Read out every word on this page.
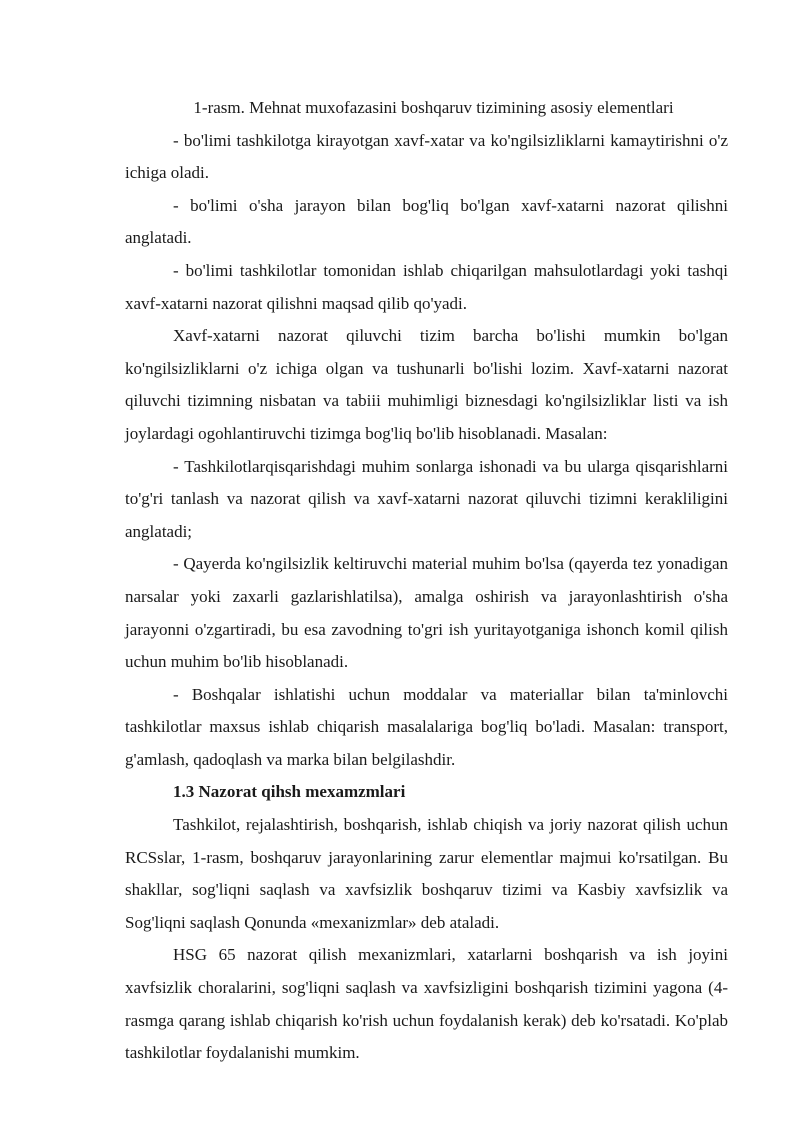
1-rasm. Mehnat muxofazasini boshqaruv tizimining asosiy elementlari

- bo'limi tashkilotga kirayotgan xavf-xatar va ko'ngilsizliklarni kamaytirishni o'z ichiga oladi.

- bo'limi o'sha jarayon bilan bog'liq bo'lgan xavf-xatarni nazorat qilishni anglatadi.

- bo'limi tashkilotlar tomonidan ishlab chiqarilgan mahsulotlardagi yoki tashqi xavf-xatarni nazorat qilishni maqsad qilib qo'yadi.

Xavf-xatarni nazorat qiluvchi tizim barcha bo'lishi mumkin bo'lgan ko'ngilsizliklarni o'z ichiga olgan va tushunarli bo'lishi lozim. Xavf-xatarni nazorat qiluvchi tizimning nisbatan va tabiii muhimligi biznesdagi ko'ngilsizliklar listi va ish joylardagi ogohlantiruvchi tizimga bog'liq bo'lib hisoblanadi. Masalan:

- Tashkilotlarqisqarishdagi muhim sonlarga ishonadi va bu ularga qisqarishlarni to'g'ri tanlash va nazorat qilish va xavf-xatarni nazorat qiluvchi tizimni kerakliligini anglatadi;

- Qayerda ko'ngilsizlik keltiruvchi material muhim bo'lsa (qayerda tez yonadigan narsalar yoki zaxarli gazlarishlatilsa), amalga oshirish va jarayonlashtirish o'sha jarayonni o'zgartiradi, bu esa zavodning to'gri ish yuritayotganiga ishonch komil qilish uchun muhim bo'lib hisoblanadi.

- Boshqalar ishlatishi uchun moddalar va materiallar bilan ta'minlovchi tashkilotlar maxsus ishlab chiqarish masalalariga bog'liq bo'ladi. Masalan: transport, g'amlash, qadoqlash va marka bilan belgilashdir.

1.3 Nazorat qihsh mexamzmlari

Tashkilot, rejalashtirish, boshqarish, ishlab chiqish va joriy nazorat qilish uchun RCSslar, 1-rasm, boshqaruv jarayonlarining zarur elementlar majmui ko'rsatilgan. Bu shakllar, sog'liqni saqlash va xavfsizlik boshqaruv tizimi va Kasbiy xavfsizlik va Sog'liqni saqlash Qonunda «mexanizmlar» deb ataladi.

HSG 65 nazorat qilish mexanizmlari, xatarlarni boshqarish va ish joyini xavfsizlik choralarini, sog'liqni saqlash va xavfsizligini boshqarish tizimini yagona (4-rasmga qarang ishlab chiqarish ko'rish uchun foydalanish kerak) deb ko'rsatadi. Ko'plab tashkilotlar foydalanishi mumkim.
